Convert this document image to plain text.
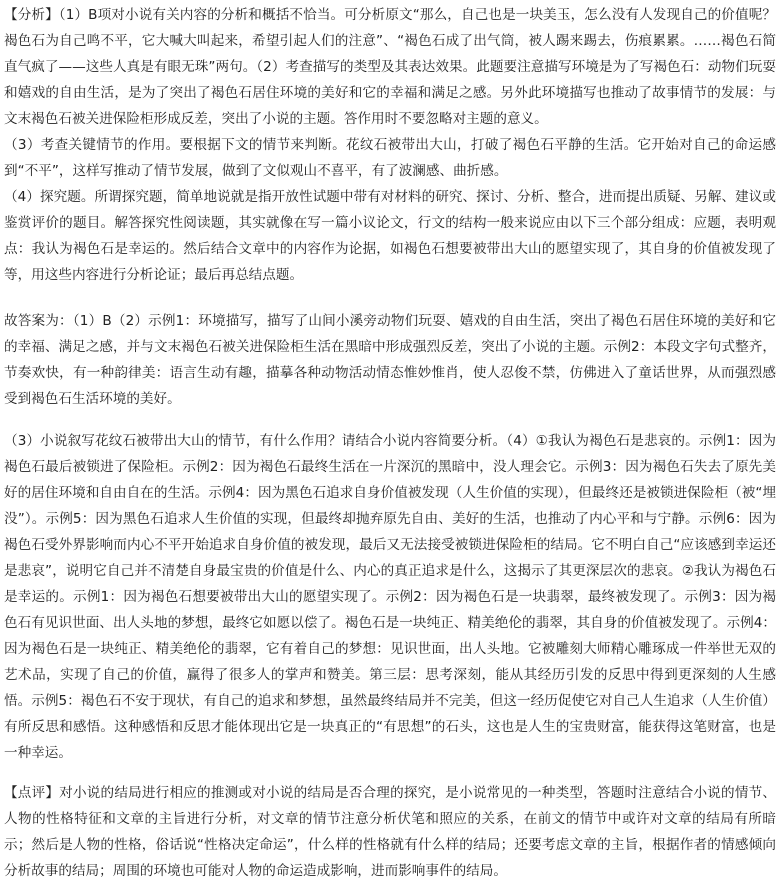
【分析】（1）B项对小说有关内容的分析和概括不恰当。可分析原文“那么，自己也是一块美玉，怎么没有人发现自己的价值呢？褐色石为自己鸣不平，它大喊大叫起来，希望引起人们的注意”、“褐色石成了出气筒，被人踢来踢去，伤痕累累。……褐色石简直气疯了——这些人真是有眼无珠”两句。（2）考查描写的类型及其表达效果。此题要注意描写环境是为了写褐色石：动物们玩耍和嬉戏的自由生活，是为了突出了褐色石居住环境的美好和它的幸福和满足之感。另外此环境描写也推动了故事情节的发展：与文末褐色石被关进保险柜形成反差，突出了小说的主题。答作用时不要忽略对主题的意义。

（3）考查关键情节的作用。要根据下文的情节来判断。花纹石被带出大山，打破了褐色石平静的生活。它开始对自己的命运感到“不平”，这样写推动了情节发展，做到了文似观山不喜平，有了波澜感、曲折感。

（4）探究题。所谓探究题，简单地说就是指开放性试题中带有对材料的研究、探讨、分析、整合，进而提出质疑、另解、建议或鉴赏评价的题目。解答探究性阅读题，其实就像在写一篇小议论文，行文的结构一般来说应由以下三个部分组成：应题，表明观点：我认为褐色石是幸运的。然后结合文章中的内容作为论据，如褐色石想要被带出大山的愿望实现了，其自身的价值被发现了等，用这些内容进行分析论证；最后再总结点题。

故答案为：（1）B（2）示例1：环境描写，描写了山间小溪旁动物们玩耍、嬉戏的自由生活，突出了褐色石居住环境的美好和它的幸福、满足之感，并与文末褐色石被关进保险柜生活在黑暗中形成强烈反差，突出了小说的主题。示例2：本段文字句式整齐，节奏欢快，有一种韵律美：语言生动有趣，描摹各种动物活动情态惟妙惟肖，使人忍俊不禁，仿佛进入了童话世界，从而强烈感受到褐色石生活环境的美好。

（3）小说叙写花纹石被带出大山的情节，有什么作用？请结合小说内容简要分析。（4）①我认为褐色石是悲哀的。示例1：因为褐色石最后被锁进了保险柜。示例2：因为褐色石最终生活在一片深沉的黑暗中，没人理会它。示例3：因为褐色石失去了原先美好的居住环境和自由自在的生活。示例4：因为黑色石追求自身价值被发现（人生价值的实现），但最终还是被锁进保险柜（被“埋没”）。示例5：因为黑色石追求人生价值的实现，但最终却抛弃原先自由、美好的生活，也推动了内心平和与宁静。示例6：因为褐色石受外界影响而内心不平开始追求自身价值的被发现，最后又无法接受被锁进保险柜的结局。它不明白自己“应该感到幸运还是悲哀”，说明它自己并不清楚自身最宝贵的价值是什么、内心的真正追求是什么，这揭示了其更深层次的悲哀。②我认为褐色石是幸运的。示例1：因为褐色石想要被带出大山的愿望实现了。示例2：因为褐色石是一块翡翠，最终被发现了。示例3：因为褐色石有见识世面、出人头地的梦想，最终它如愿以偿了。褐色石是一块纯正、精美绝伦的翡翠，其自身的价值被发现了。示例4：因为褐色石是一块纯正、精美绝伦的翡翠，它有着自己的梦想：见识世面，出人头地。它被雕刻大师精心雕琢成一件举世无双的艺术品，实现了自己的价值，赢得了很多人的掌声和赞美。第三层：思考深刻，能从其经历引发的反思中得到更深刻的人生感悟。示例5：褐色石不安于现状，有自己的追求和梦想，虽然最终结局并不完美，但这一经历促使它对自己人生追求（人生价值）有所反思和感悟。这种感悟和反思才能体现出它是一块真正的“有思想”的石头，这也是人生的宝贵财富，能获得这笔财富，也是一种幸运。

【点评】对小说的结局进行相应的推测或对小说的结局是否合理的探究，是小说常见的一种类型，答题时注意结合小说的情节、人物的性格特征和文章的主旨进行分析，对文章的情节注意分析伏笔和照应的关系，在前文的情节中或许对文章的结局有所暗示；然后是人物的性格，俗话说“性格决定命运”，什么样的性格就有什么样的结局；还要考虑文章的主旨，根据作者的情感倾向分析故事的结局；周围的环境也可能对人物的命运造成影响，进而影响事件的结局。
